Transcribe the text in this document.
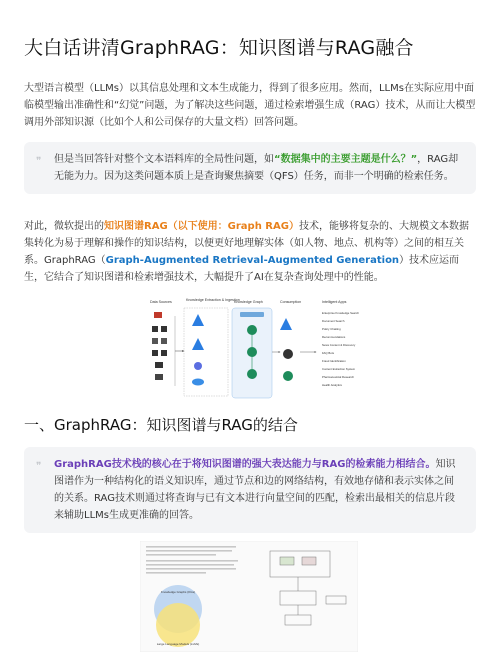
大白话讲清GraphRAG：知识图谱与RAG融合

大型语言模型（LLMs）以其信息处理和文本生成能力，得到了很多应用。然而，LLMs在实际应用中面临模型输出准确性和“幻觉”问题，为了解决这些问题，通过检索增强生成（RAG）技术，从而让大模型调用外部知识源（比如个人和公司保存的大量文档）回答问题。

❞ 但是当回答针对整个文本语料库的全局性问题，如“数据集中的主要主题是什么？”，RAG却无能为力。因为这类问题本质上是查询聚焦摘要（QFS）任务，而非一个明确的检索任务。

对此，微软提出的知识图谱RAG（以下使用：Graph RAG）技术，能够将复杂的、大规模文本数据集转化为易于理解和操作的知识结构，以便更好地理解实体（如人物、地点、机构等）之间的相互关系。GraphRAG（Graph-Augmented Retrieval-Augmented Generation）技术应运而生，它结合了知识图谱和检索增强技术，大幅提升了AI在复杂查询处理中的性能。

Data Sources	Knowledge Extraction & Ingestion
Knowledge Graph	Consumption	Intelligent Apps
Enterprise Knowledge Search
Document Search
Policy Chatting
Recommendations
News Content & Discovery
FAQ Bots
Fraud Identification
Content Extraction System
Pharmaceutical Research
Health Analytics
一、GraphRAG：知识图谱与RAG的结合
❞ GraphRAG技术栈的核心在于将知识图谱的强大表达能力与RAG的检索能力相结合。知识图谱作为一种结构化的语义知识库，通过节点和边的网络结构，有效地存储和表示实体之间的关系。RAG技术则通过将查询与已有文本进行向量空间的匹配，检索出最相关的信息片段来辅助LLMs生成更准确的回答。

Knowledge Graphs (KGs)
Large Language Models (LLMs)
